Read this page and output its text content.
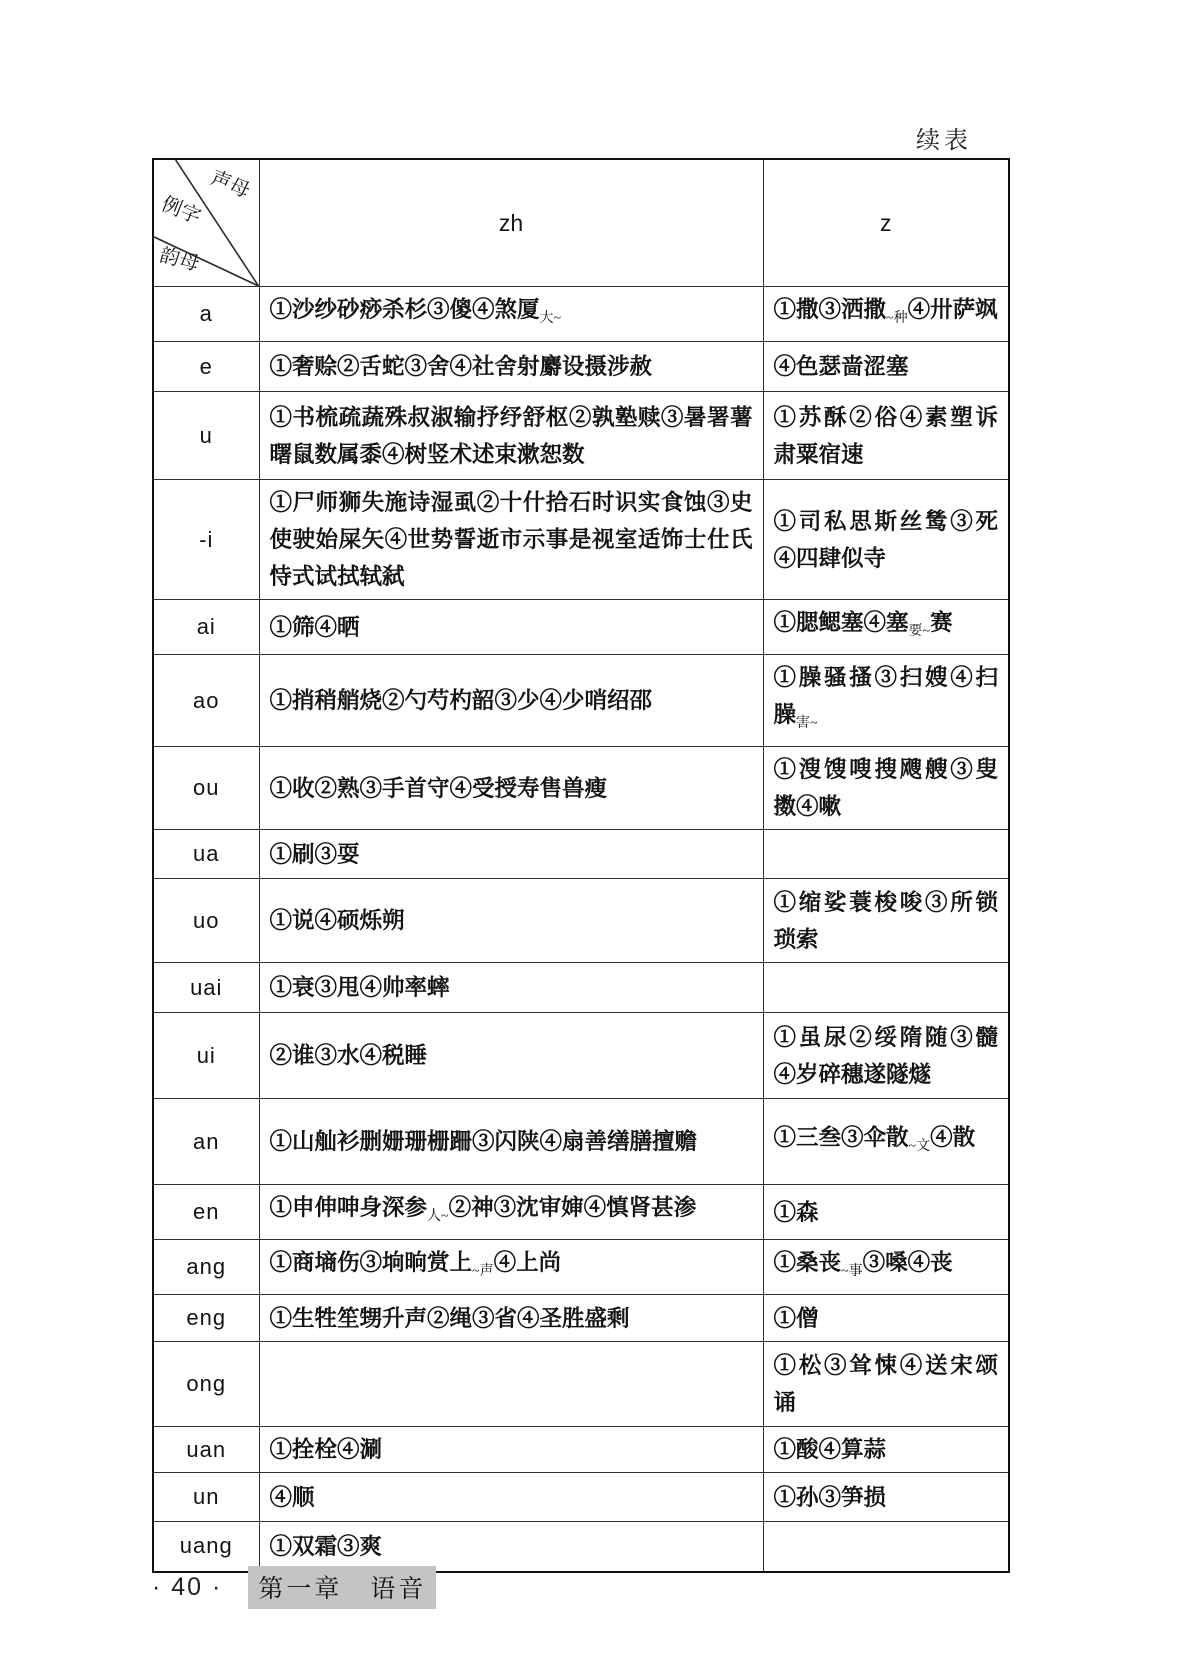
续表
声母
例字
韵母	zh	z
a	①沙纱砂痧杀杉③傻④煞厦$_{大\sim}$	①撒③洒撒$_{\sim 种}$④卅萨飒
e	①奢赊②舌蛇③舍④社舍射麝设摄涉赦	④色瑟啬涩塞
u	①书梳疏蔬殊叔淑输抒纾舒枢②孰塾赎③暑署薯曙鼠数属黍④树竖术述束漱恕数	①苏酥②俗④素塑诉肃粟宿速
-i	①尸师狮失施诗湿虱②十什拾石时识实食蚀③史使驶始屎矢④世势誓逝市示事是视室适饰士仕氏恃式试拭轼弑	①司私思斯丝鸶③死④四肆似寺
ai	①筛④晒	①腮鳃塞④塞$_{要\sim}$赛
ao	①捎稍艄烧②勺芍杓韶③少④少哨绍邵	①臊骚搔③扫嫂④扫臊$_{害\sim}$
ou	①收②熟③手首守④受授寿售兽瘦	①溲馊嗖搜飕艘③叟擞④嗽
ua	①刷③耍	
uo	①说④硕烁朔	①缩娑蓑梭唆③所锁琐索
uai	①衰③甩④帅率蟀	
ui	②谁③水④税睡	①虽尿②绥隋随③髓④岁碎穗遂隧燧
an	①山舢衫删姗珊栅跚③闪陕④扇善缮膳擅赡	①三叁③伞散$_{\sim 文}$④散
en	①申伸呻身深参$_{人\sim}$②神③沈审婶④慎肾甚渗	①森
ang	①商墒伤③垧晌赏上$_{\sim 声}$④上尚	①桑丧$_{\sim 事}$③嗓④丧
eng	①生牲笙甥升声②绳③省④圣胜盛剩	①僧
ong		①松③耸悚④送宋颂诵
uan	①拴栓④涮	①酸④算蒜
un	④顺	①孙③笋损
uang	①双霜③爽	
· 40 ·	第一章　语音
